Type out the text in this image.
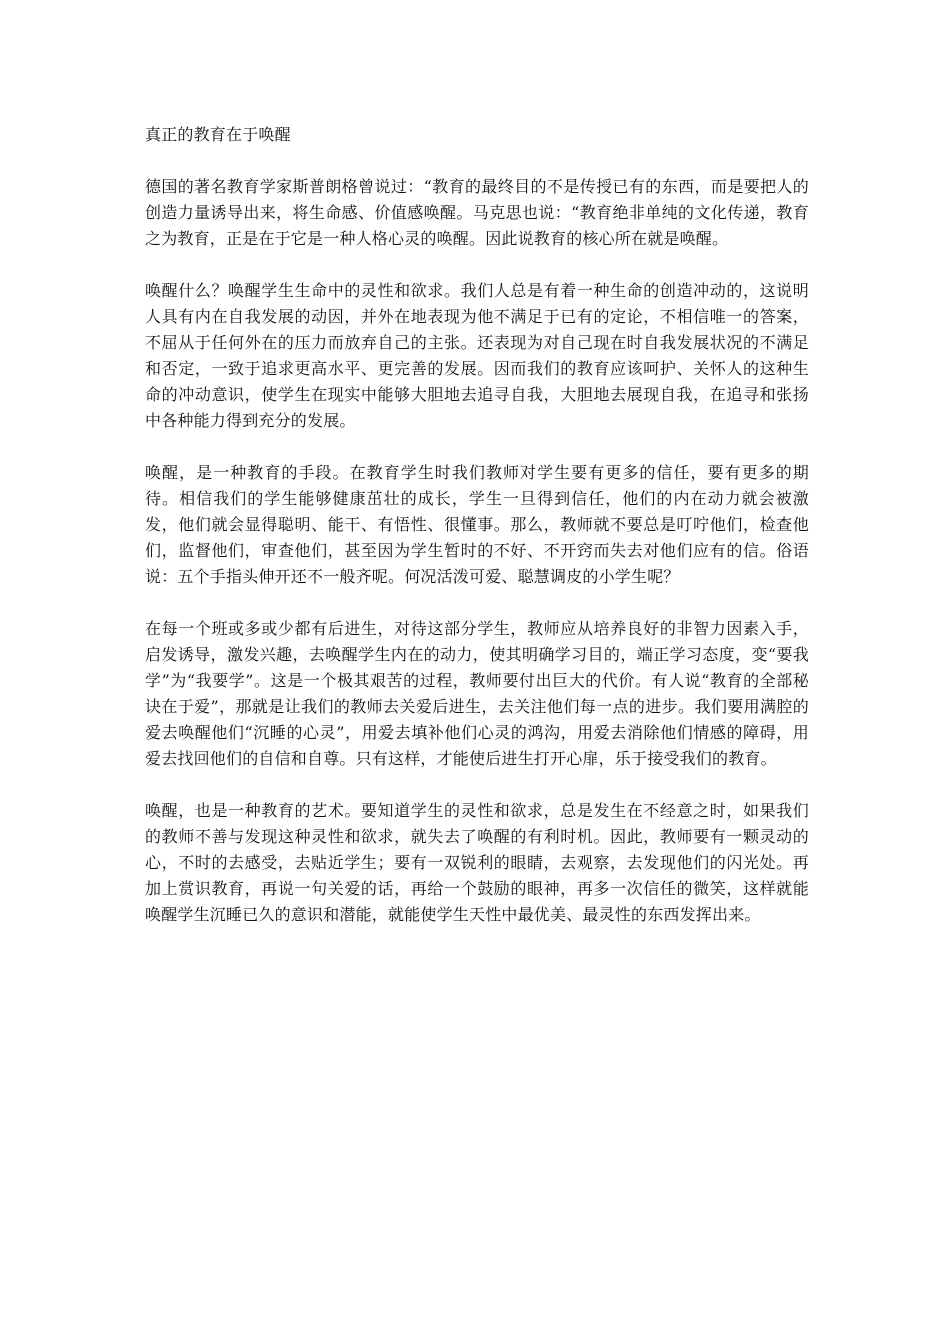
真正的教育在于唤醒

德国的著名教育学家斯普朗格曾说过：“教育的最终目的不是传授已有的东西，而是要把人的创造力量诱导出来，将生命感、价值感唤醒。马克思也说：“教育绝非单纯的文化传递，教育之为教育，正是在于它是一种人格心灵的唤醒。因此说教育的核心所在就是唤醒。

唤醒什么？唤醒学生生命中的灵性和欲求。我们人总是有着一种生命的创造冲动的，这说明人具有内在自我发展的动因，并外在地表现为他不满足于已有的定论，不相信唯一的答案，不屈从于任何外在的压力而放弃自己的主张。还表现为对自己现在时自我发展状况的不满足和否定，一致于追求更高水平、更完善的发展。因而我们的教育应该呵护、关怀人的这种生命的冲动意识，使学生在现实中能够大胆地去追寻自我，大胆地去展现自我，在追寻和张扬中各种能力得到充分的发展。

唤醒，是一种教育的手段。在教育学生时我们教师对学生要有更多的信任，要有更多的期待。相信我们的学生能够健康茁壮的成长，学生一旦得到信任，他们的内在动力就会被激发，他们就会显得聪明、能干、有悟性、很懂事。那么，教师就不要总是叮咛他们，检查他们，监督他们，审查他们，甚至因为学生暂时的不好、不开窍而失去对他们应有的信。俗语说：五个手指头伸开还不一般齐呢。何况活泼可爱、聪慧调皮的小学生呢？

在每一个班或多或少都有后进生，对待这部分学生，教师应从培养良好的非智力因素入手，启发诱导，激发兴趣，去唤醒学生内在的动力，使其明确学习目的，端正学习态度，变“要我学”为“我要学”。这是一个极其艰苦的过程，教师要付出巨大的代价。有人说“教育的全部秘诀在于爱”，那就是让我们的教师去关爱后进生，去关注他们每一点的进步。我们要用满腔的爱去唤醒他们“沉睡的心灵”，用爱去填补他们心灵的鸿沟，用爱去消除他们情感的障碍，用爱去找回他们的自信和自尊。只有这样，才能使后进生打开心扉，乐于接受我们的教育。

唤醒，也是一种教育的艺术。要知道学生的灵性和欲求，总是发生在不经意之时，如果我们的教师不善与发现这种灵性和欲求，就失去了唤醒的有利时机。因此，教师要有一颗灵动的心，不时的去感受，去贴近学生；要有一双锐利的眼睛，去观察，去发现他们的闪光处。再加上赏识教育，再说一句关爱的话，再给一个鼓励的眼神，再多一次信任的微笑，这样就能唤醒学生沉睡已久的意识和潜能，就能使学生天性中最优美、最灵性的东西发挥出来。
